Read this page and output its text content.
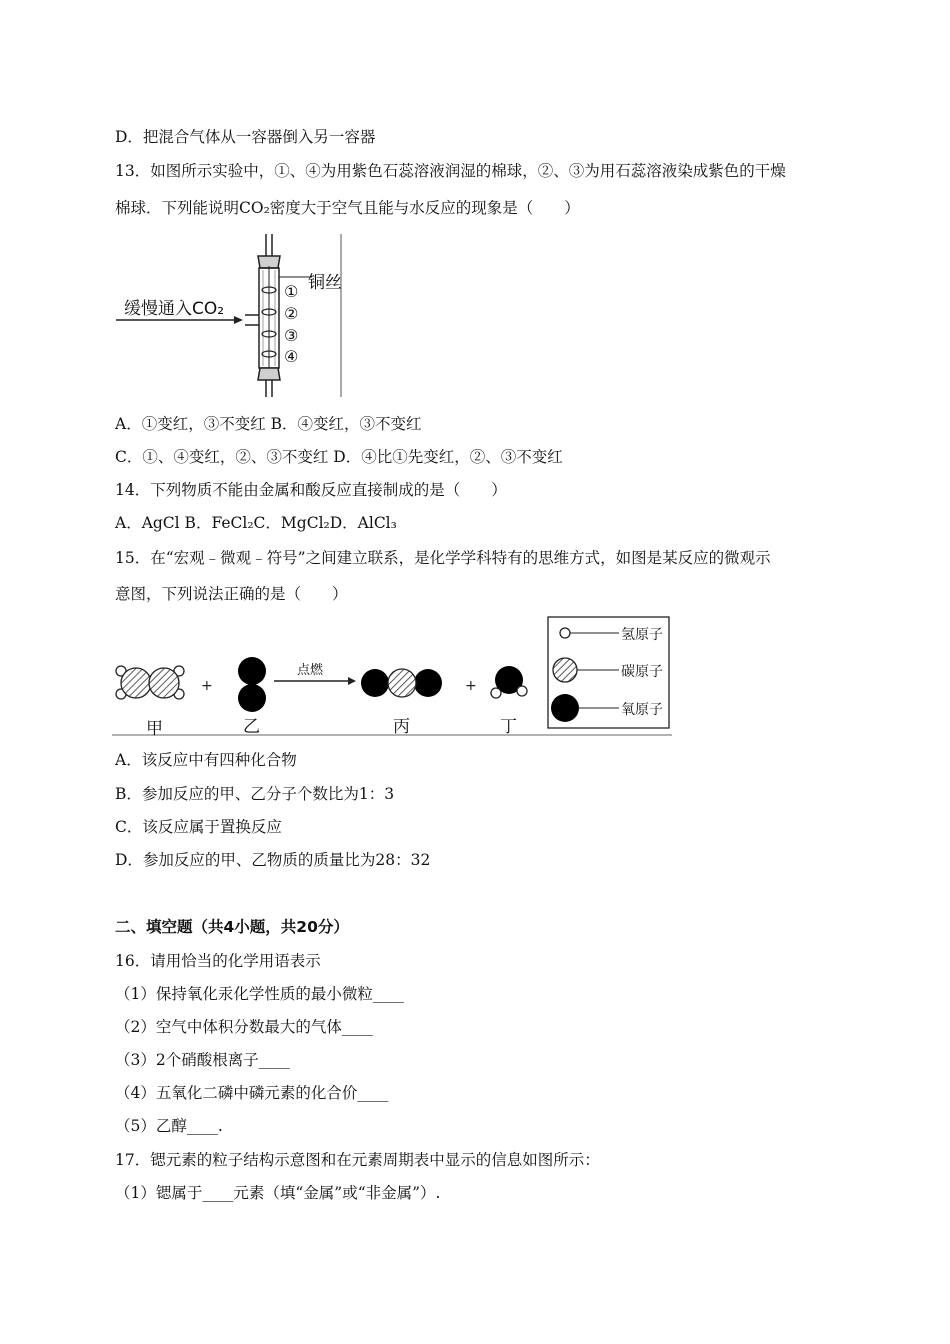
D．把混合气体从一容器倒入另一容器
13．如图所示实验中，①、④为用紫色石蕊溶液润湿的棉球，②、③为用石蕊溶液染成紫色的干燥
棉球．下列能说明CO₂密度大于空气且能与水反应的现象是（　　）
缓慢通入CO₂
铜丝
①
②
③
④
A．①变红，③不变红 B．④变红，③不变红
C．①、④变红，②、③不变红 D．④比①先变红，②、③不变红
14．下列物质不能由金属和酸反应直接制成的是（　　）
A．AgCl B．FeCl₂C．MgCl₂D．AlCl₃
15．在“宏观﹣微观﹣符号”之间建立联系，是化学学科特有的思维方式，如图是某反应的微观示
意图，下列说法正确的是（　　）
+
点燃
+
甲	乙	丙	丁
氢原子
碳原子
氧原子
A．该反应中有四种化合物
B．参加反应的甲、乙分子个数比为1：3
C．该反应属于置换反应
D．参加反应的甲、乙物质的质量比为28：32
二、填空题（共4小题，共20分）
16．请用恰当的化学用语表示
（1）保持氧化汞化学性质的最小微粒____
（2）空气中体积分数最大的气体____
（3）2个硝酸根离子____
（4）五氧化二磷中磷元素的化合价____
（5）乙醇____.
17．锶元素的粒子结构示意图和在元素周期表中显示的信息如图所示：
（1）锶属于____元素（填“金属”或“非金属”）.
